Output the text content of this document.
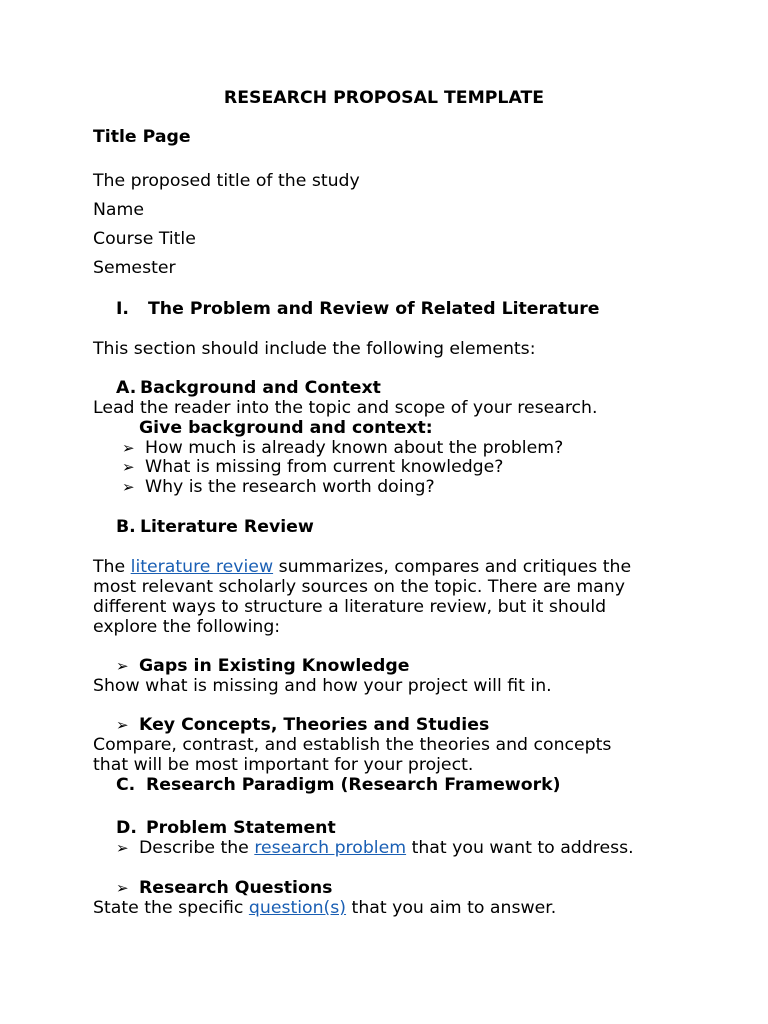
RESEARCH PROPOSAL TEMPLATE
Title Page
The proposed title of the study
Name
Course Title
Semester
I. The Problem and Review of Related Literature
This section should include the following elements:
A. Background and Context
Lead the reader into the topic and scope of your research.
Give background and context:
➢ How much is already known about the problem?
➢ What is missing from current knowledge?
➢ Why is the research worth doing?
B. Literature Review
The literature review summarizes, compares and critiques the
most relevant scholarly sources on the topic. There are many
different ways to structure a literature review, but it should
explore the following:
➢ Gaps in Existing Knowledge
Show what is missing and how your project will fit in.
➢ Key Concepts, Theories and Studies
Compare, contrast, and establish the theories and concepts
that will be most important for your project.
C. Research Paradigm (Research Framework)
D. Problem Statement
➢ Describe the research problem that you want to address.
➢ Research Questions
State the specific question(s) that you aim to answer.
